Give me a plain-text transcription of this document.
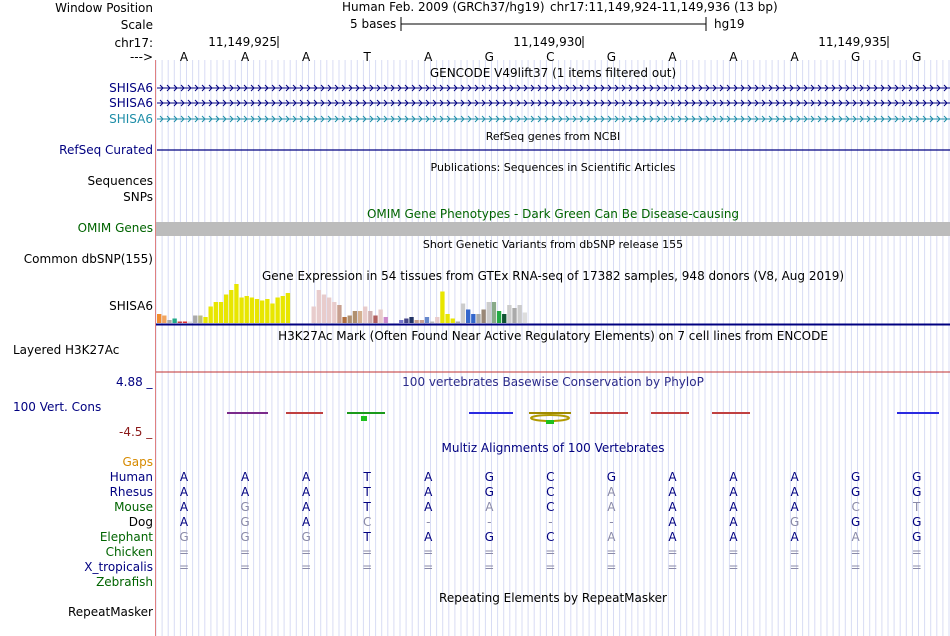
Window Position
Scale
chr17:
--->
Human Feb. 2009 (GRCh37/hg19) chr17:11,149,924-11,149,936 (13 bp)
5 bases	hg19
11,149,925	11,149,930	11,149,935
A	A	A	T	A	G	C	G	A	A	A	G	G
GENCODE V49lift37 (1 items filtered out)
SHISA6
SHISA6
SHISA6
RefSeq genes from NCBI
RefSeq Curated
Publications: Sequences in Scientific Articles
Sequences
SNPs
OMIM Gene Phenotypes - Dark Green Can Be Disease-causing
OMIM Genes
Short Genetic Variants from dbSNP release 155
Common dbSNP(155)
Gene Expression in 54 tissues from GTEx RNA-seq of 17382 samples, 948 donors (V8, Aug 2019)
SHISA6
H3K27Ac Mark (Often Found Near Active Regulatory Elements) on 7 cell lines from ENCODE
Layered H3K27Ac
100 vertebrates Basewise Conservation by PhyloP
4.88 _
100 Vert. Cons
-4.5 _
Multiz Alignments of 100 Vertebrates
Gaps
Human	A	A	A	T	A	G	C	G	A	A	A	G	G
Rhesus	A	A	A	T	A	G	C	A	A	A	A	G	G
Mouse	A	G	A	T	A	A	C	A	A	A	A	C	T
Dog	A	G	A	C	-	-	-	-	A	A	G	G	G
Elephant	G	G	G	T	A	G	C	A	A	A	A	A	G
Chicken	=	=	=	=	=	=	=	=	=	=	=	=	=
X_tropicalis	=	=	=	=	=	=	=	=	=	=	=	=	=
Zebrafish
Repeating Elements by RepeatMasker
RepeatMasker
